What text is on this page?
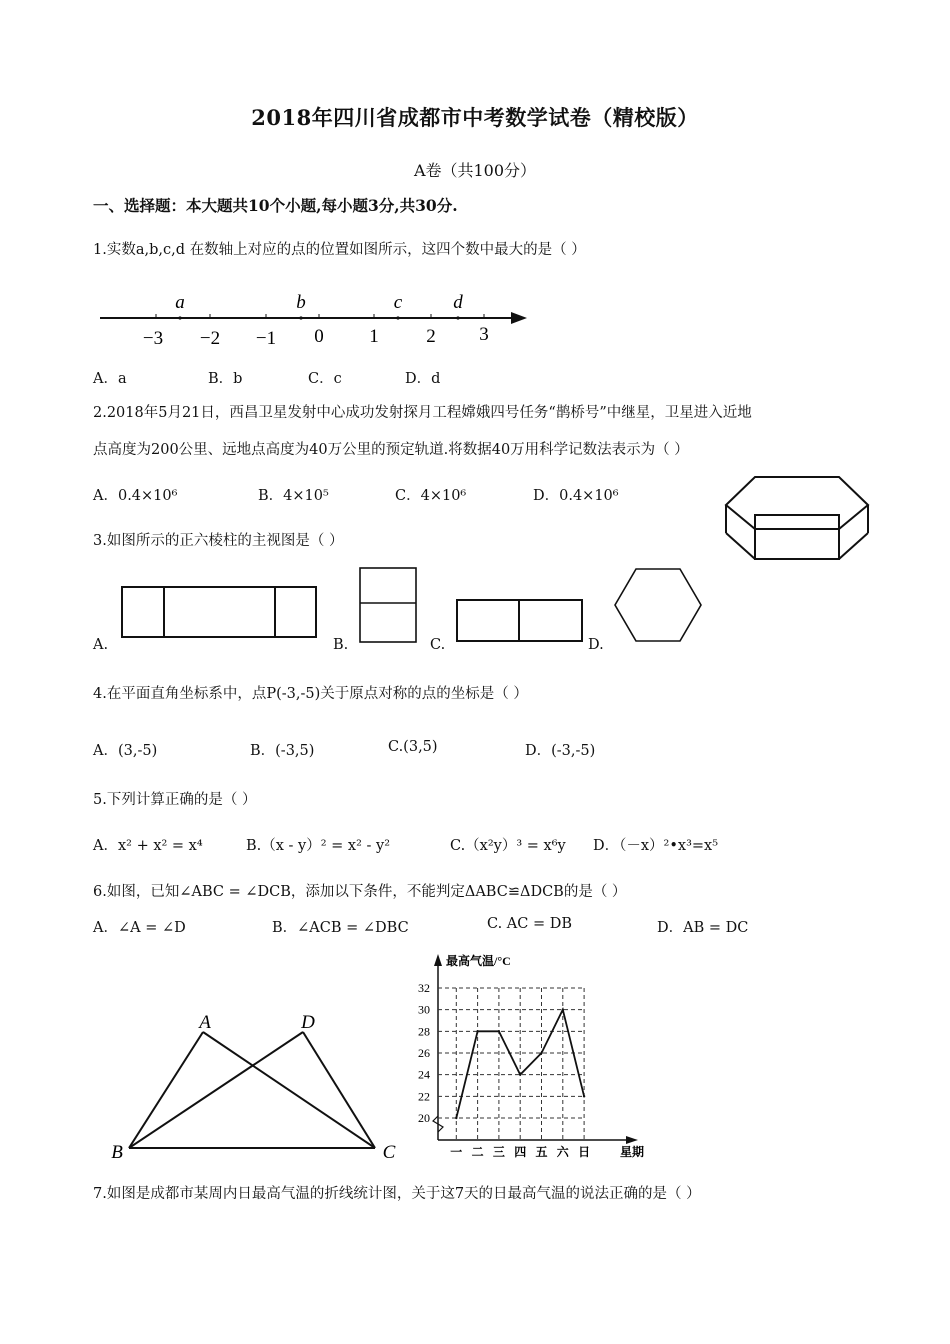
2018年四川省成都市中考数学试卷（精校版）
A卷（共100分）
一、选择题：本大题共10个小题,每小题3分,共30分.
1.实数a,b,c,d 在数轴上对应的点的位置如图所示，这四个数中最大的是（ ）
a	b	c	d
−3 −2 −1 0 1	2 3
A．a	B．b	C．c	D．d
2.2018年5月21日，西昌卫星发射中心成功发射探月工程嫦娥四号任务“鹊桥号”中继星，卫星进入近地
点高度为200公里、远地点高度为40万公里的预定轨道.将数据40万用科学记数法表示为（ ）
A．0.4×10⁶	B．4×10⁵	C．4×10⁶	D．0.4×10⁶
3.如图所示的正六棱柱的主视图是（ ）
A.	B.	C.	D.
4.在平面直角坐标系中，点P(-3,-5)关于原点对称的点的坐标是（ ）
A．(3,-5)	B．(-3,5)	C.(3,5)	D．(-3,-5)
5.下列计算正确的是（ ）
A．x² + x² = x⁴	B.（x - y）² = x² - y²	C.（x²y）³ = x⁶y D．（－x）²•x³=x⁵
6.如图，已知∠ABC = ∠DCB，添加以下条件，不能判定ΔABC≌ΔDCB的是（ ）
A．∠A = ∠D	B．∠ACB = ∠DBC	C. AC = DB	D．AB = DC
A	D
B	C
20
22
24
26
28
30
32
一 二 三 四 五 六 日
最高气温/°C
星期
7.如图是成都市某周内日最高气温的折线统计图，关于这7天的日最高气温的说法正确的是（ ）
